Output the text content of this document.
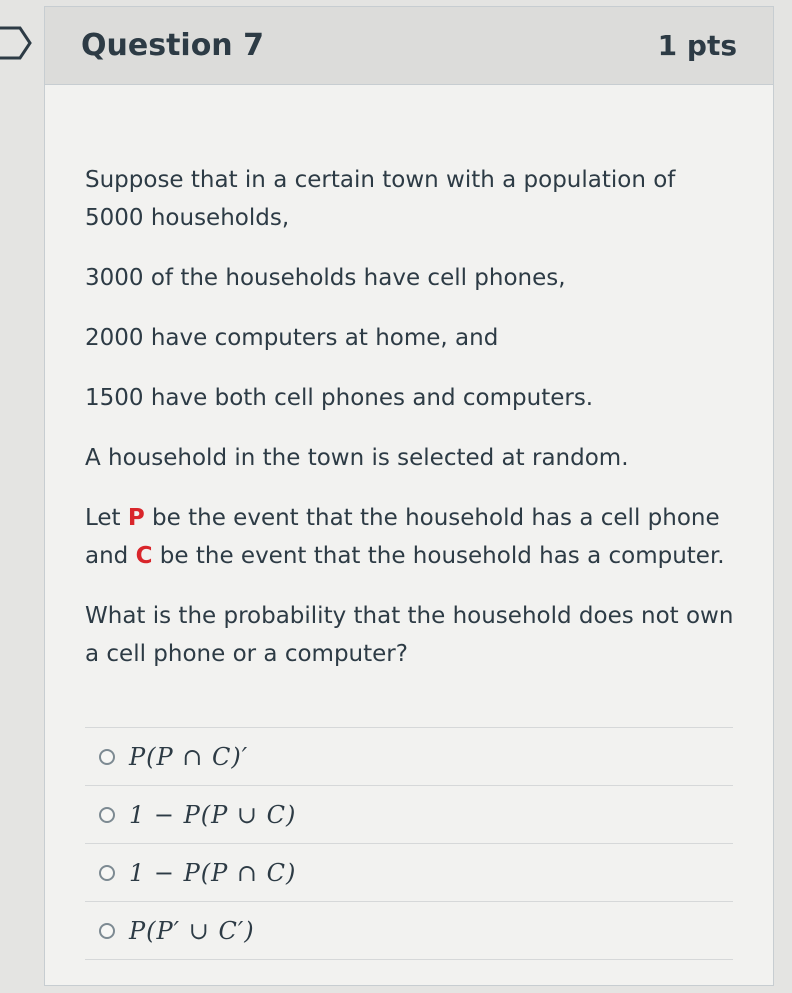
Question 7	1 pts

Suppose that in a certain town with a population of 5000 households,

3000 of the households have cell phones,

2000 have computers at home, and

1500 have both cell phones and computers.

A household in the town is selected at random.

Let P be the event that the household has a cell phone and C be the event that the household has a computer.

What is the probability that the household does not own a cell phone or a computer?

P(P ∩ C)′
1 − P(P ∪ C)
1 − P(P ∩ C)
P(P′ ∪ C′)
